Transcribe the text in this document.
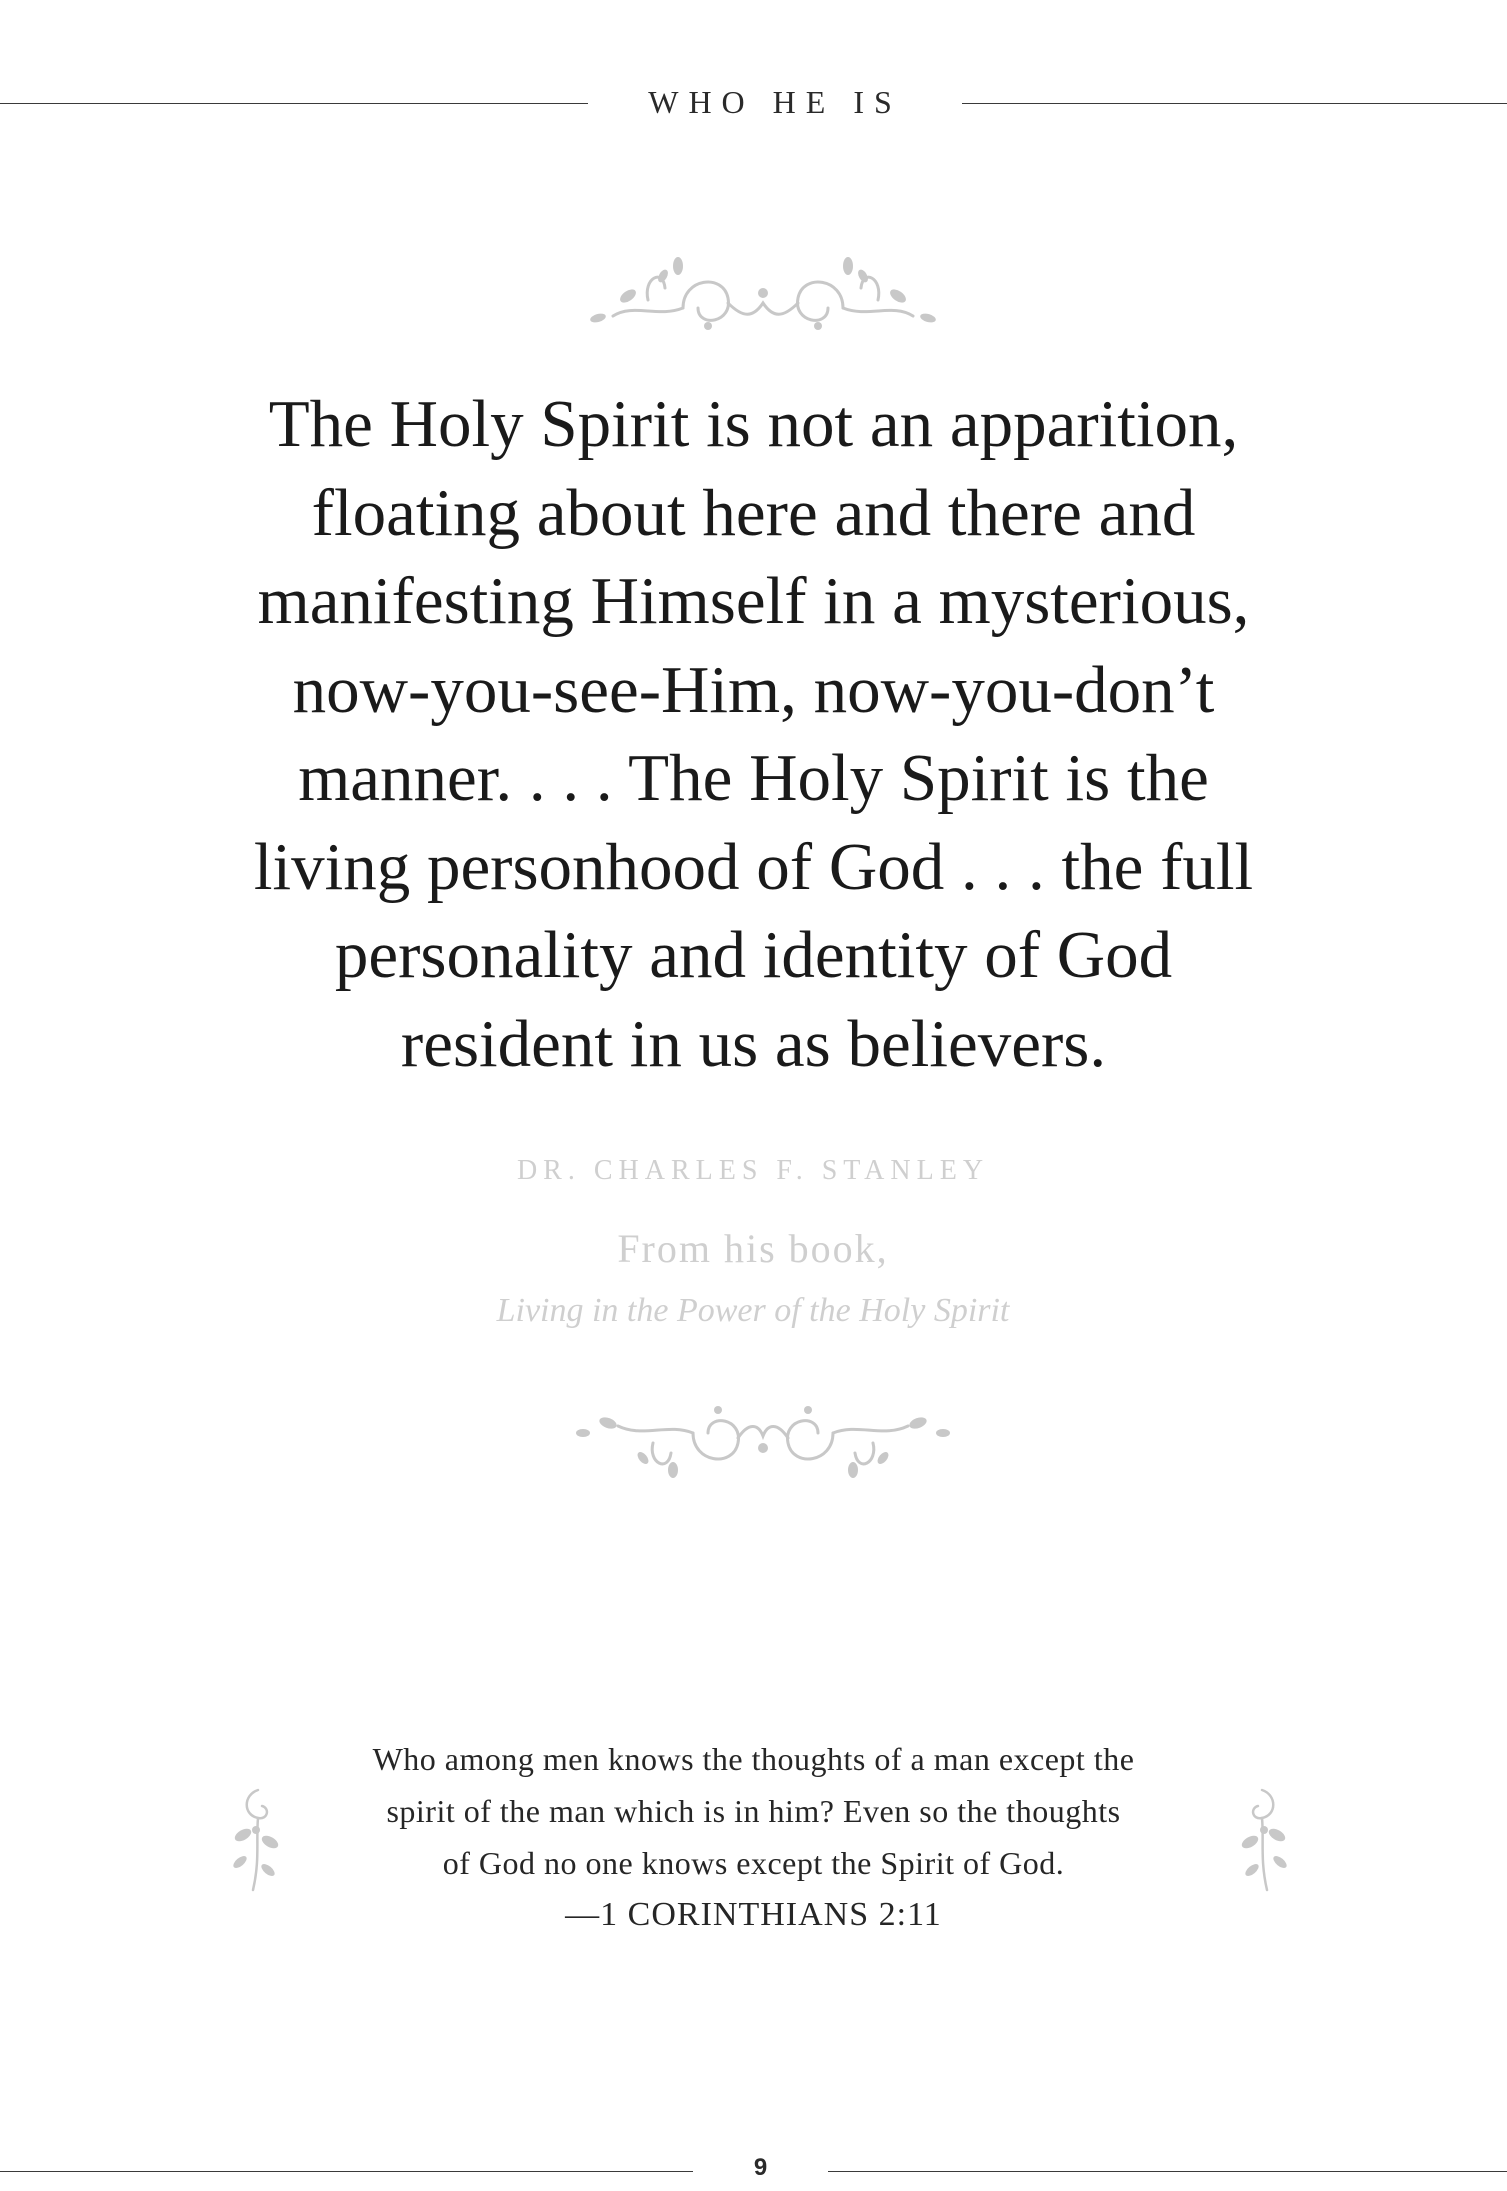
WHO HE IS
The Holy Spirit is not an apparition,
floating about here and there and
manifesting Himself in a mysterious,
now-you-see-Him, now-you-don’t
manner. . . . The Holy Spirit is the
living personhood of God . . . the full
personality and identity of God
resident in us as believers.
DR. CHARLES F. STANLEY
From his book,
Living in the Power of the Holy Spirit
Who among men knows the thoughts of a man except the
spirit of the man which is in him? Even so the thoughts
of God no one knows except the Spirit of God.
—1 CORINTHIANS 2:11
9
